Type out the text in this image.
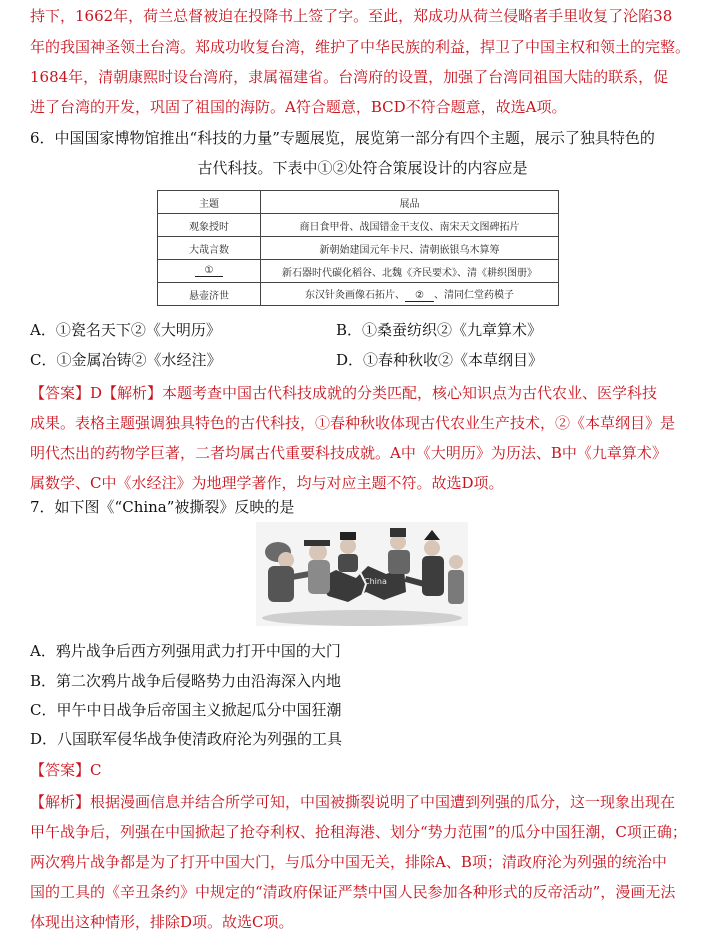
持下，1662年，荷兰总督被迫在投降书上签了字。至此，郑成功从荷兰侵略者手里收复了沦陷38
年的我国神圣领土台湾。郑成功收复台湾，维护了中华民族的利益，捍卫了中国主权和领土的完整。
1684年，清朝康熙时设台湾府，隶属福建省。台湾府的设置，加强了台湾同祖国大陆的联系，促
进了台湾的开发，巩固了祖国的海防。A符合题意，BCD不符合题意，故选A项。
6．中国国家博物馆推出“科技的力量”专题展览，展览第一部分有四个主题，展示了独具特色的
古代科技。下表中①②处符合策展设计的内容应是
主题	展品
观象授时	商日食甲骨、战国错金干支仪、南宋天文图碑拓片
大哉言数	新朝始建国元年卡尺、清朝嵌银乌木算筹
①	新石器时代碳化稻谷、北魏《齐民要术》、清《耕织图册》
悬壶济世	东汉针灸画像石拓片、 ② 、清同仁堂药模子
A．①瓷名天下②《大明历》	B．①桑蚕纺织②《九章算术》
C．①金属冶铸②《水经注》	D．①春种秋收②《本草纲目》
【答案】D【解析】本题考查中国古代科技成就的分类匹配，核心知识点为古代农业、医学科技
成果。表格主题强调独具特色的古代科技，①春种秋收体现古代农业生产技术，②《本草纲目》是
明代杰出的药物学巨著，二者均属古代重要科技成就。A中《大明历》为历法、B中《九章算术》
属数学、C中《水经注》为地理学著作，均与对应主题不符。故选D项。
7．如下图《“China”被撕裂》反映的是
China
A．鸦片战争后西方列强用武力打开中国的大门
B．第二次鸦片战争后侵略势力由沿海深入内地
C．甲午中日战争后帝国主义掀起瓜分中国狂潮
D．八国联军侵华战争使清政府沦为列强的工具
【答案】C
【解析】根据漫画信息并结合所学可知，中国被撕裂说明了中国遭到列强的瓜分，这一现象出现在
甲午战争后，列强在中国掀起了抢夺利权、抢租海港、划分“势力范围”的瓜分中国狂潮，C项正确；
两次鸦片战争都是为了打开中国大门，与瓜分中国无关，排除A、B项；清政府沦为列强的统治中
国的工具的《辛丑条约》中规定的“清政府保证严禁中国人民参加各种形式的反帝活动”，漫画无法
体现出这种情形，排除D项。故选C项。
